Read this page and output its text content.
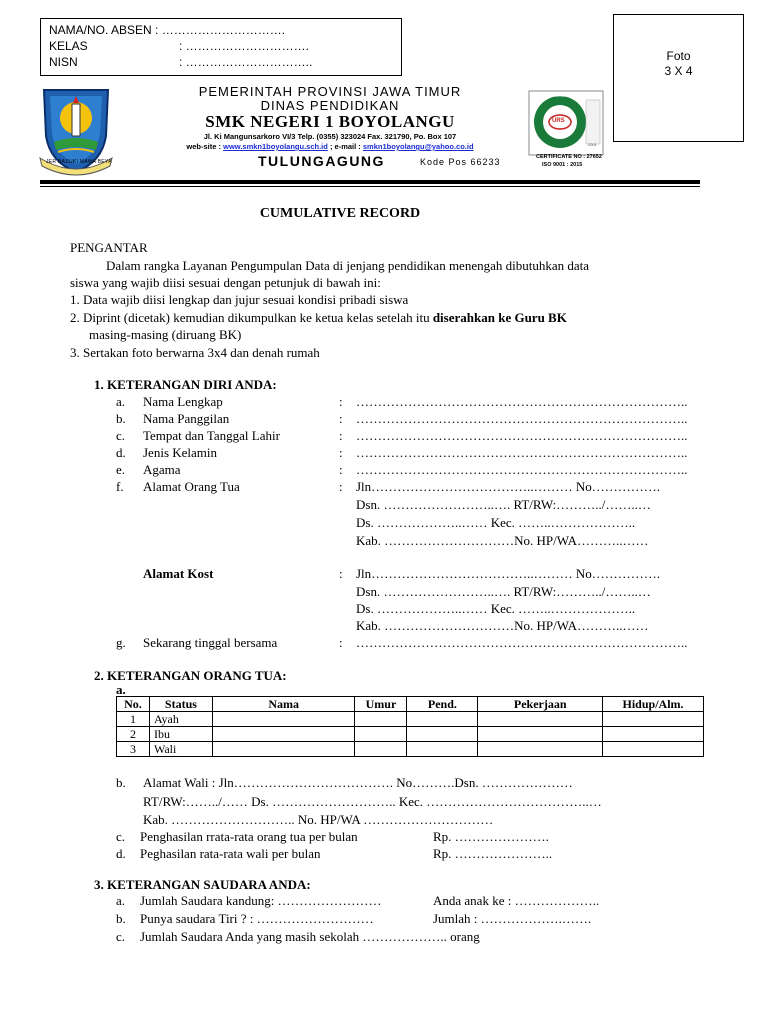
NAMA/NO. ABSEN : ………………………….
KELAS	: ………………………….
NISN	: …………………………..	Foto
3 X 4
JER BASUKI MAWA BEYA
PEMERINTAH PROVINSI JAWA TIMUR
DINAS PENDIDIKAN
SMK NEGERI 1 BOYOLANGU
Jl. Ki Mangunsarkoro VI/3 Telp. (0355) 323024 Fax. 321790, Po. Box 107
web-site : www.smkn1boyolangu.sch.id ; e-mail : smkn1boyolangu@yahoo.co.id
TULUNGAGUNG	Kode Pos 66233
URS
UNITED REGISTRAR OF SYSTEMS
2001
CERTIFICATE NO : 27652
ISO 9001 : 2015
CUMULATIVE RECORD
PENGANTAR
Dalam rangka Layanan Pengumpulan Data di jenjang pendidikan menengah dibutuhkan data
siswa yang wajib diisi sesuai dengan petunjuk di bawah ini:
1. Data wajib diisi lengkap dan jujur sesuai kondisi pribadi siswa
2. Diprint (dicetak) kemudian dikumpulkan ke ketua kelas setelah itu diserahkan ke Guru BK
masing-masing (diruang BK)
3. Sertakan foto berwarna 3x4 dan denah rumah
1. KETERANGAN DIRI ANDA:
a. Nama Lengkap	: …………………………………………………………………..
b. Nama Panggilan	: …………………………………………………………………..
c. Tempat dan Tanggal Lahir	: …………………………………………………………………..
d. Jenis Kelamin	: …………………………………………………………………..
e. Agama	: …………………………………………………………………..
f. Alamat Orang Tua	: Jln………………………………..……… No…………….
Dsn. ……………………..…. RT/RW:………../……..…
Ds. ………………..…… Kec. ……..………………..
Kab. …………………………No. HP/WA………..……
Alamat Kost	: Jln………………………………..……… No…………….
Dsn. ……………………..…. RT/RW:………../……..…
Ds. ………………..…… Kec. ……..………………..
Kab. …………………………No. HP/WA………..……
g. Sekarang tinggal bersama	: …………………………………………………………………..
2. KETERANGAN ORANG TUA:
a.
No.	Status	Nama	Umur	Pend.	Pekerjaan	Hidup/Alm.
1	Ayah					
2	Ibu					
3	Wali					
b. Alamat Wali : Jln………………………………. No……….Dsn. …………………
RT/RW:……../…… Ds. ……………………….. Kec. ………………………………..…
Kab. ……………………….. No. HP/WA …………………………
c. Penghasilan rrata-rata orang tua per bulan	Rp. ………………….
d. Peghasilan rata-rata wali per bulan	Rp. …………………..
3. KETERANGAN SAUDARA ANDA:
a. Jumlah Saudara kandung: ……………………	Anda anak ke : ………………..
b. Punya saudara Tiri ? : ………………………	Jumlah : ……………….…….
c. Jumlah Saudara Anda yang masih sekolah ……………….. orang
